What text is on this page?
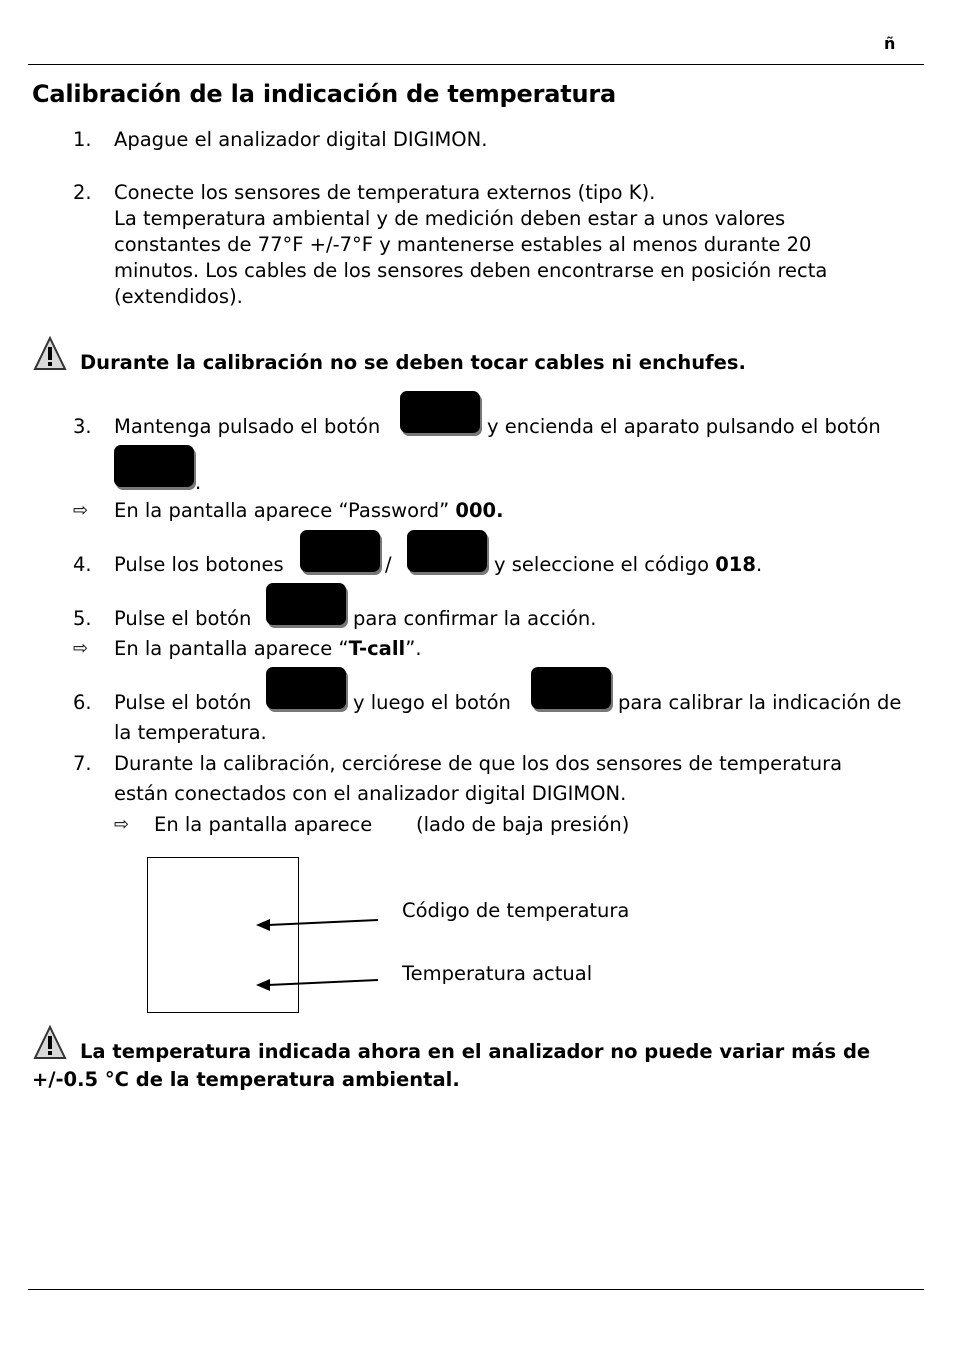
ñ
Calibración de la indicación de temperatura
1. Apague el analizador digital DIGIMON.
2. Conecte los sensores de temperatura externos (tipo K).
La temperatura ambiental y de medición deben estar a unos valores
constantes de 77°F +/-7°F y mantenerse estables al menos durante 20
minutos. Los cables de los sensores deben encontrarse en posición recta
(extendidos).
Durante la calibración no se deben tocar cables ni enchufes.
3. Mantenga pulsado el botón	y encienda el aparato pulsando el botón
.
⇨ En la pantalla aparece “Password” 000.
4. Pulse los botones	/	y seleccione el código 018.
5. Pulse el botón	para confirmar la acción.
⇨ En la pantalla aparece “T-call”.
6. Pulse el botón	y luego el botón	para calibrar la indicación de
la temperatura.
7. Durante la calibración, cerciórese de que los dos sensores de temperatura
están conectados con el analizador digital DIGIMON.
⇨ En la pantalla aparece (lado de baja presión)
Código de temperatura
Temperatura actual
La temperatura indicada ahora en el analizador no puede variar más de
+/-0.5 °C de la temperatura ambiental.
